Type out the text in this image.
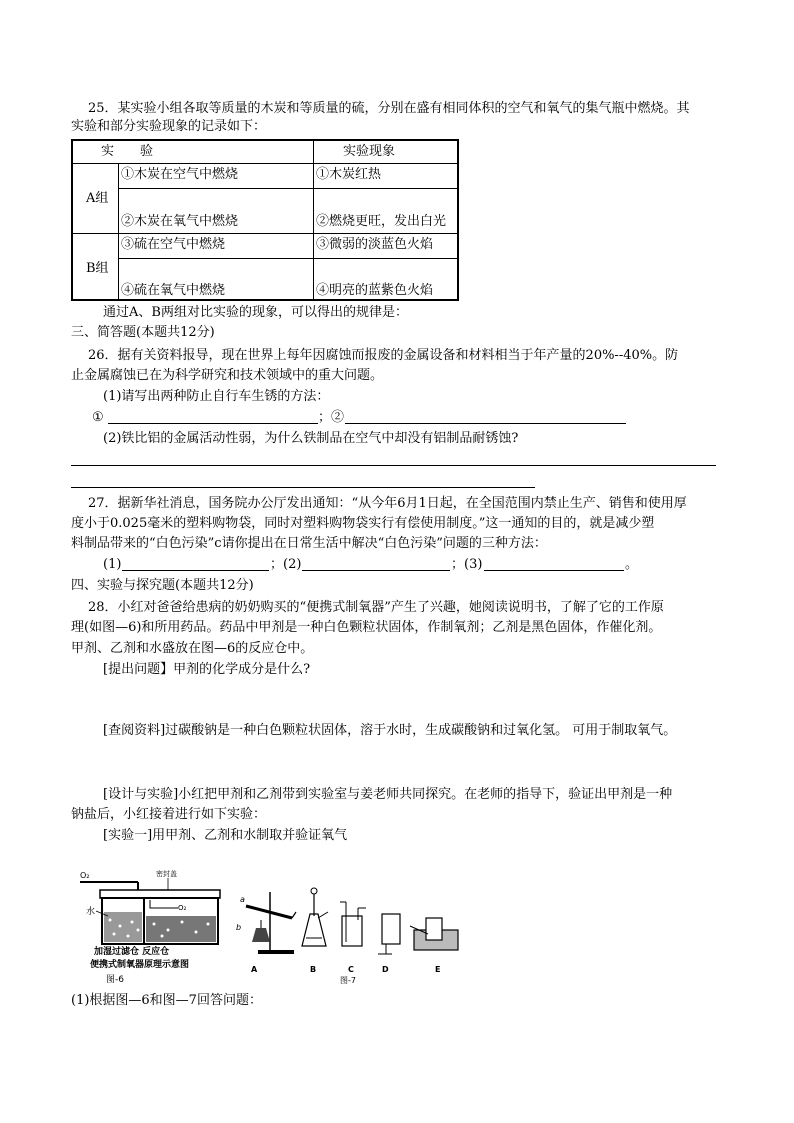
25．某实验小组各取等质量的木炭和等质量的硫，分别在盛有相同体积的空气和氧气的集气瓶中燃烧。其
实验和部分实验现象的记录如下：
实　　验	实验现象
A组
B组
①木炭在空气中燃烧	①木炭红热
②木炭在氧气中燃烧	②燃烧更旺，发出白光
③硫在空气中燃烧	③微弱的淡蓝色火焰
④硫在氧气中燃烧	④明亮的蓝紫色火焰
通过A、B两组对比实验的现象，可以得出的规律是：
三、简答题(本题共12分)
26．据有关资料报导，现在世界上每年因腐蚀而报废的金属设备和材料相当于年产量的20%--40%。防
止金属腐蚀已在为科学研究和技术领域中的重大问题。
(1)请写出两种防止自行车生锈的方法：
①	；②
(2)铁比铝的金属活动性弱，为什么铁制品在空气中却没有铝制品耐锈蚀?
27．据新华社消息，国务院办公厅发出通知：“从今年6月1日起，在全国范围内禁止生产、销售和使用厚
度小于0.025毫米的塑料购物袋，同时对塑料购物袋实行有偿使用制度。”这一通知的目的，就是减少塑
料制品带来的“白色污染”c请你提出在日常生活中解决“白色污染”问题的三种方法：
(1)	；(2)	；(3)	。
四、实验与探究题(本题共12分)
28．小红对爸爸给患病的奶奶购买的“便携式制氧器”产生了兴趣，她阅读说明书，了解了它的工作原
理(如图—6)和所用药品。药品中甲剂是一种白色颗粒状固体，作制氧剂；乙剂是黑色固体，作催化剂。
甲剂、乙剂和水盛放在图—6的反应仓中。
[提出问题】甲剂的化学成分是什么?
[查阅资料]过碳酸钠是一种白色颗粒状固体，溶于水时，生成碳酸钠和过氧化氢。 可用于制取氧气。
[设计与实验]小红把甲剂和乙剂带到实验室与姜老师共同探究。在老师的指导下，验证出甲剂是一种
钠盐后，小红接着进行如下实验：
[实验一]用甲剂、乙剂和水制取并验证氧气
O₂	密封盖
O₂
水
加湿过滤仓 反应仓
便携式制氧器原理示意图
图-6
a
b
A	B	C	D	E
图-7
(1)根据图—6和图—7回答问题：
